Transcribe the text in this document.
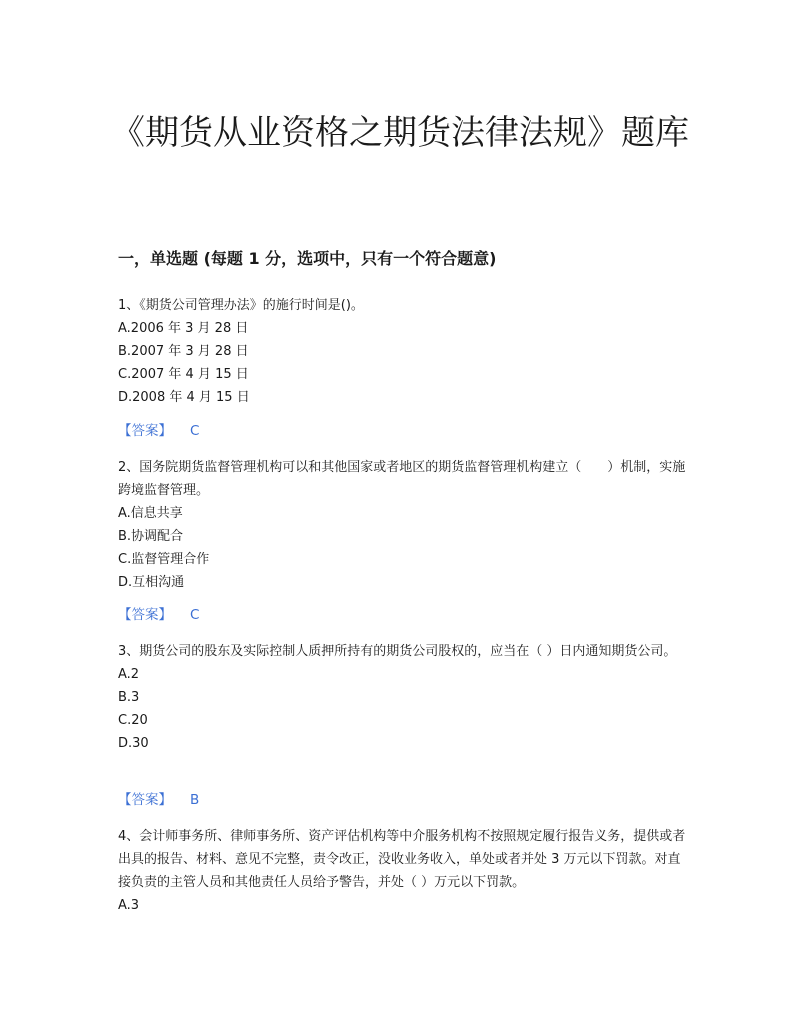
《期货从业资格之期货法律法规》题库
一，单选题 (每题 1 分，选项中，只有一个符合题意)

1、《期货公司管理办法》的施行时间是()。

A.2006 年 3 月 28 日

B.2007 年 3 月 28 日

C.2007 年 4 月 15 日

D.2008 年 4 月 15 日

【答案】 C

2、国务院期货监督管理机构可以和其他国家或者地区的期货监督管理机构建立（　　）机制，实施跨境监督管理。

A.信息共享

B.协调配合

C.监督管理合作

D.互相沟通

【答案】 C

3、期货公司的股东及实际控制人质押所持有的期货公司股权的，应当在（ ）日内通知期货公司。

A.2

B.3

C.20

D.30

【答案】 B

4、会计师事务所、律师事务所、资产评估机构等中介服务机构不按照规定履行报告义务，提供或者出具的报告、材料、意见不完整，责令改正，没收业务收入，单处或者并处 3 万元以下罚款。对直接负责的主管人员和其他责任人员给予警告，并处（ ）万元以下罚款。

A.3
